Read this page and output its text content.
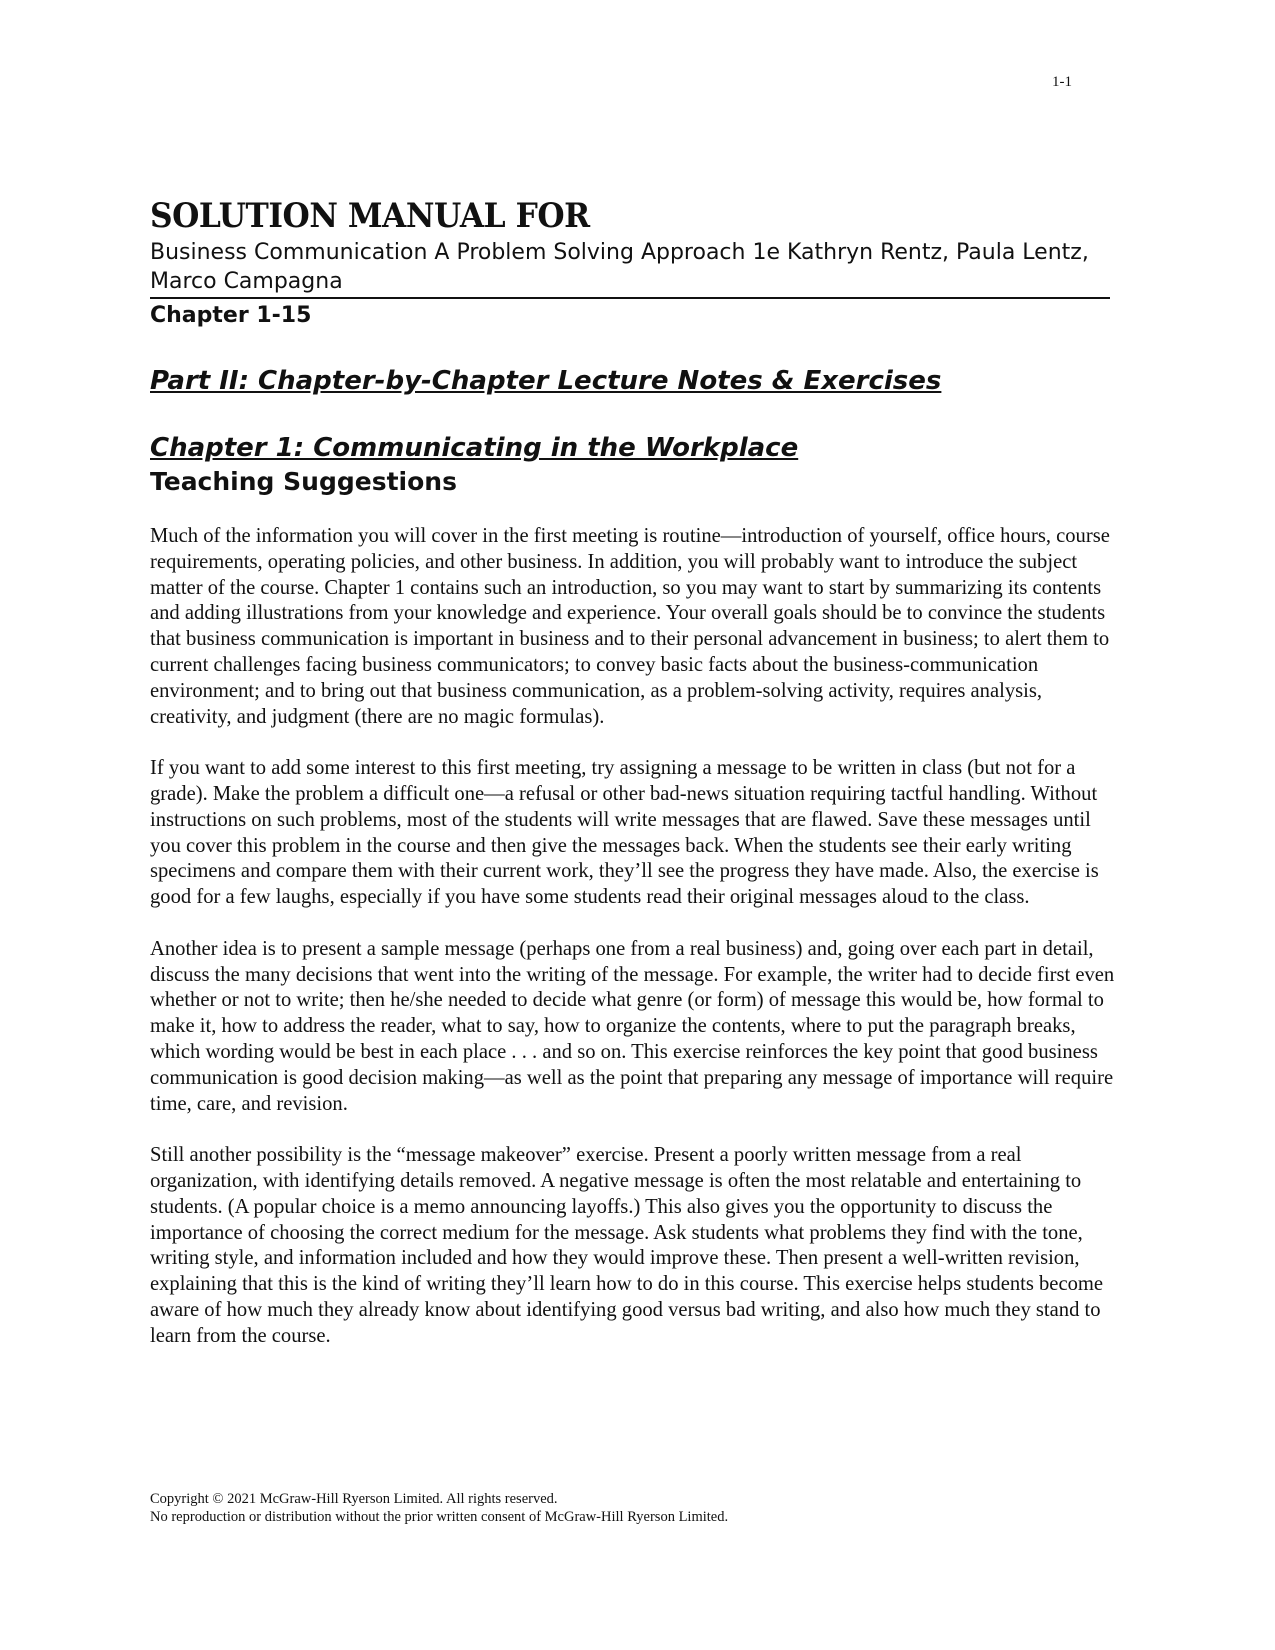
1-1
SOLUTION MANUAL FOR
Business Communication A Problem Solving Approach 1e Kathryn Rentz, Paula Lentz, Marco Campagna
Chapter 1-15
Part II: Chapter-by-Chapter Lecture Notes & Exercises
Chapter 1: Communicating in the Workplace
Teaching Suggestions

Much of the information you will cover in the first meeting is routine—introduction of yourself, office hours, course requirements, operating policies, and other business. In addition, you will probably want to introduce the subject matter of the course. Chapter 1 contains such an introduction, so you may want to start by summarizing its contents and adding illustrations from your knowledge and experience. Your overall goals should be to convince the students that business communication is important in business and to their personal advancement in business; to alert them to current challenges facing business communicators; to convey basic facts about the business-communication environment; and to bring out that business communication, as a problem-solving activity, requires analysis, creativity, and judgment (there are no magic formulas).

If you want to add some interest to this first meeting, try assigning a message to be written in class (but not for a grade). Make the problem a difficult one—a refusal or other bad-news situation requiring tactful handling. Without instructions on such problems, most of the students will write messages that are flawed. Save these messages until you cover this problem in the course and then give the messages back. When the students see their early writing specimens and compare them with their current work, they’ll see the progress they have made. Also, the exercise is good for a few laughs, especially if you have some students read their original messages aloud to the class.

Another idea is to present a sample message (perhaps one from a real business) and, going over each part in detail, discuss the many decisions that went into the writing of the message. For example, the writer had to decide first even whether or not to write; then he/she needed to decide what genre (or form) of message this would be, how formal to make it, how to address the reader, what to say, how to organize the contents, where to put the paragraph breaks, which wording would be best in each place . . . and so on. This exercise reinforces the key point that good business communication is good decision making—as well as the point that preparing any message of importance will require time, care, and revision.

Still another possibility is the “message makeover” exercise. Present a poorly written message from a real organization, with identifying details removed. A negative message is often the most relatable and entertaining to students. (A popular choice is a memo announcing layoffs.) This also gives you the opportunity to discuss the importance of choosing the correct medium for the message. Ask students what problems they find with the tone, writing style, and information included and how they would improve these. Then present a well-written revision, explaining that this is the kind of writing they’ll learn how to do in this course. This exercise helps students become aware of how much they already know about identifying good versus bad writing, and also how much they stand to learn from the course.

Copyright © 2021 McGraw-Hill Ryerson Limited. All rights reserved.
No reproduction or distribution without the prior written consent of McGraw-Hill Ryerson Limited.
